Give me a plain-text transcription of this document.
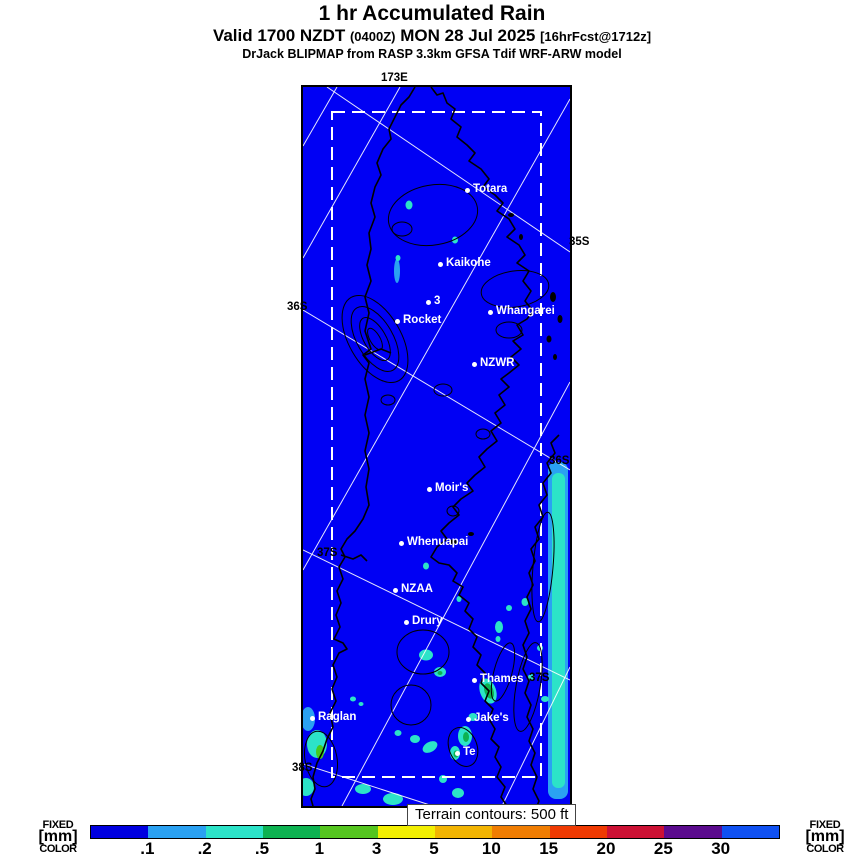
1 hr Accumulated Rain
Valid 1700 NZDT (0400Z) MON 28 Jul 2025 [16hrFcst@1712z]
DrJack BLIPMAP from RASP 3.3km GFSA Tdif WRF-ARW model
173E
35S
36S
36S
37S
37S
38S
Totara
Kaikohe
3
Rocket
Whangarei
NZWR
Moir's
Whenuapai
NZAA
Drury
Thames
Raglan	Jake's
Te
Terrain contours: 500 ft
FIXED
[mm]
COLOR	.1	.2	.5	1	3	5	10 15 20 25 30
FIXED
[mm]
COLOR
